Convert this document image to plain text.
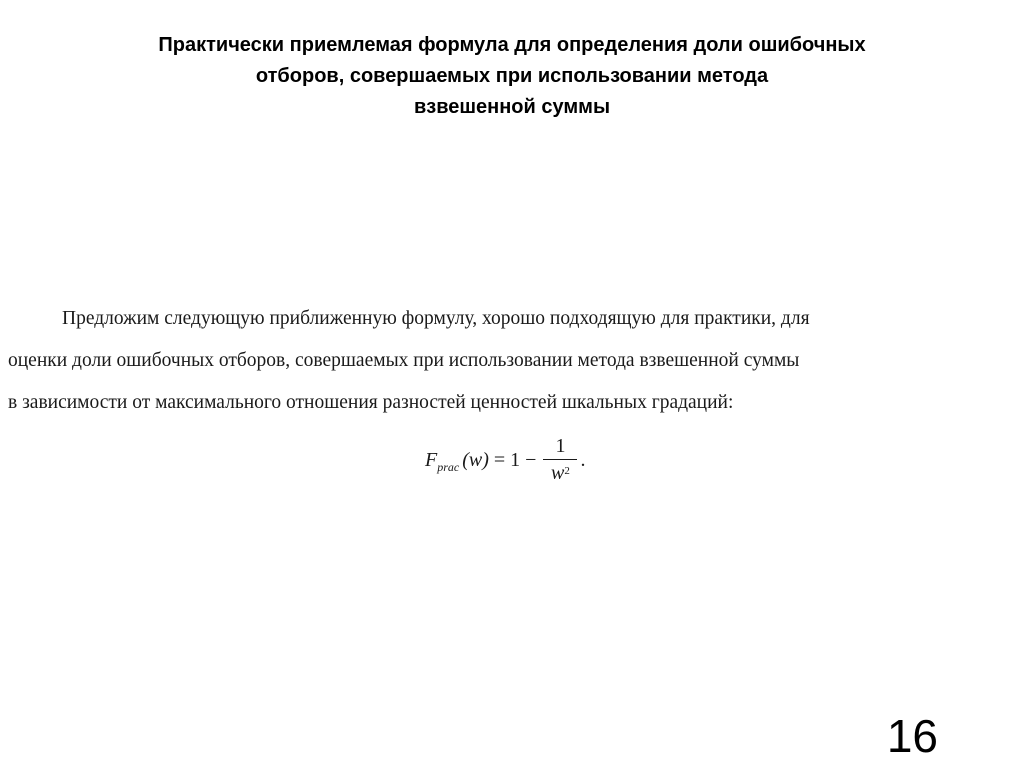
Практически приемлемая формула для определения доли ошибочных
отборов, совершаемых при использовании метода
взвешенной суммы
Предложим следующую приближенную формулу, хорошо подходящую для практики, для
оценки доли ошибочных отборов, совершаемых при использовании метода взвешенной суммы
в зависимости от максимального отношения разностей ценностей шкальных градаций:
F prac $(w) = 1 - \frac{1}{w^2}$ .
16
